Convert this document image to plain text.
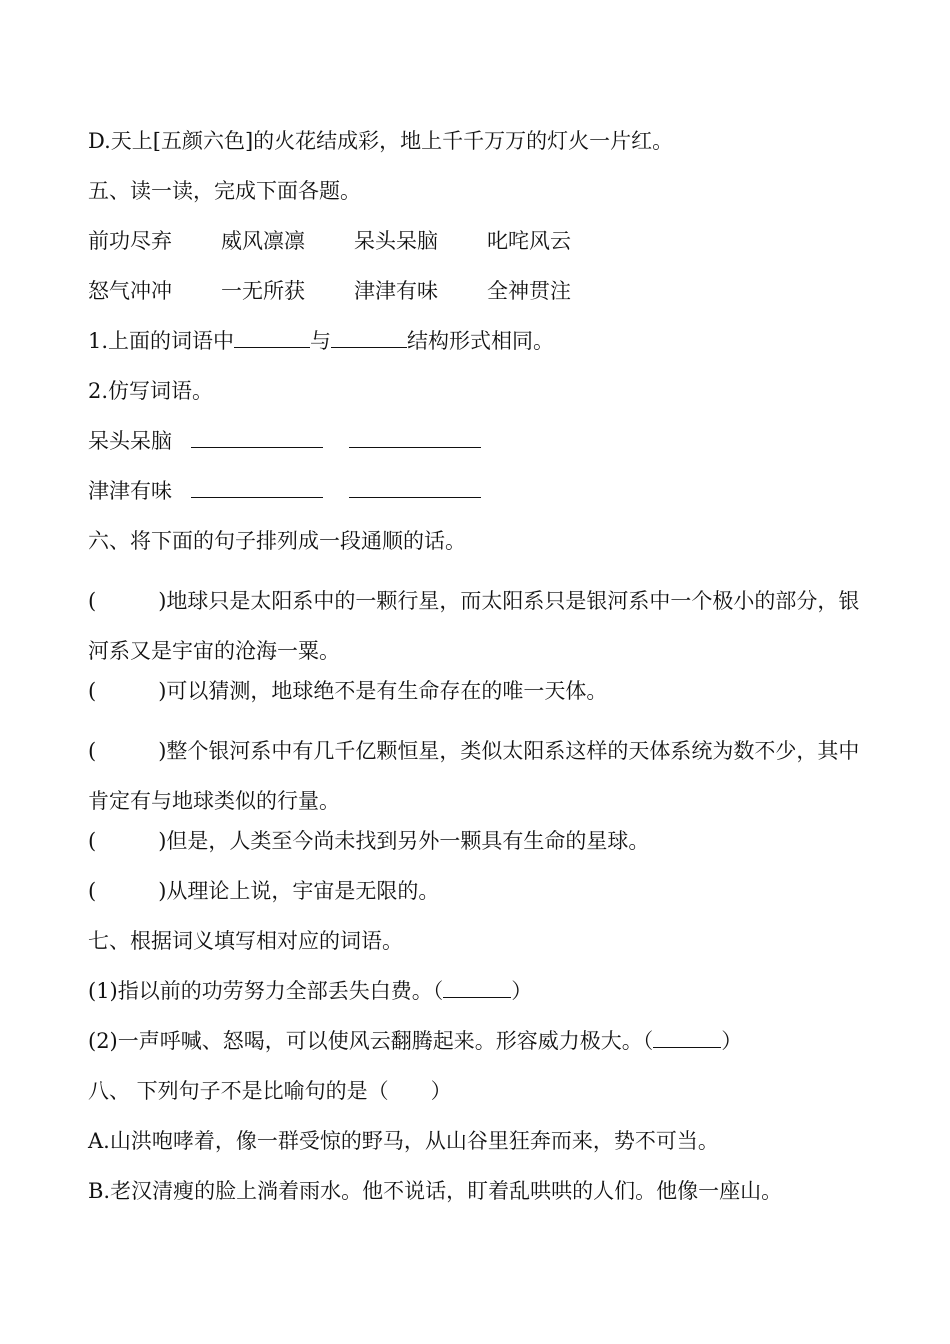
D.天上[五颜六色]的火花结成彩，地上千千万万的灯火一片红。
五、读一读，完成下面各题。
前功尽弃	威风凛凛	呆头呆脑	叱咤风云
怒气冲冲	一无所获	津津有味	全神贯注
1.上面的词语中	与	结构形式相同。
2.仿写词语。
呆头呆脑
津津有味
六、将下面的句子排列成一段通顺的话。
(	)地球只是太阳系中的一颗行星，而太阳系只是银河系中一个极小的部分，银河系又是宇宙的沧海一粟。
(	)可以猜测，地球绝不是有生命存在的唯一天体。
(	)整个银河系中有几千亿颗恒星，类似太阳系这样的天体系统为数不少，其中肯定有与地球类似的行量。
(	)但是，人类至今尚未找到另外一颗具有生命的星球。
(	)从理论上说，宇宙是无限的。
七、根据词义填写相对应的词语。
(1)指以前的功劳努力全部丢失白费。（	）
(2)一声呼喊、怒喝，可以使风云翻腾起来。形容威力极大。（	）
八、 下列句子不是比喻句的是（　　）
A.山洪咆哮着，像一群受惊的野马，从山谷里狂奔而来，势不可当。
B.老汉清瘦的脸上淌着雨水。他不说话，盯着乱哄哄的人们。他像一座山。
